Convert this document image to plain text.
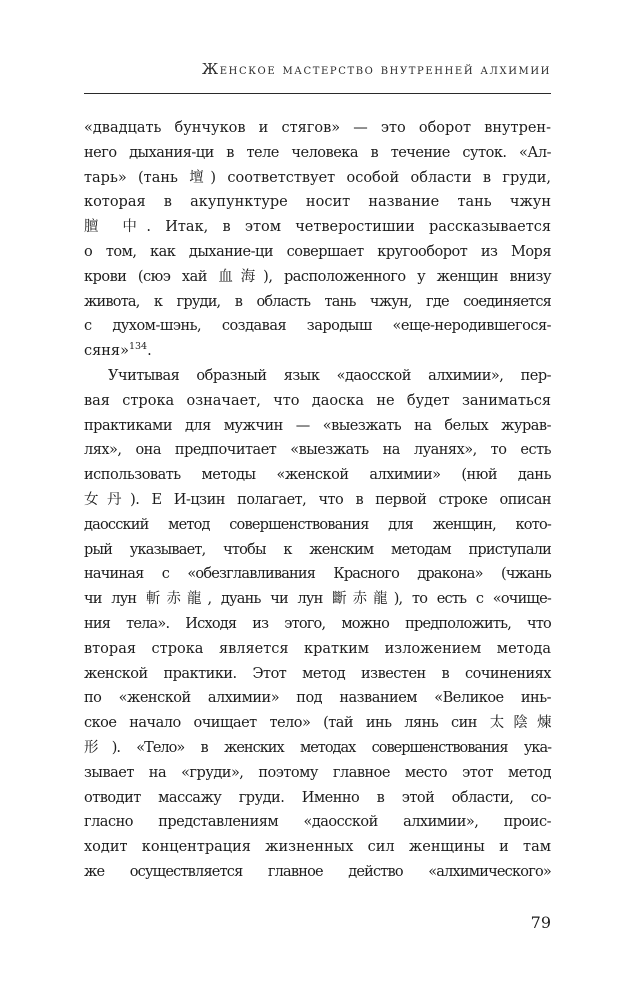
Женское мастерство внутренней алхимии
«двадцать бунчуков и стягов» — это оборот внутрен-
него дыхания-ци в теле человека в течение суток. «Ал-
тарь» (тань 壇) соответствует особой области в груди,
которая в акупунктуре носит название тань чжун
膻 中. Итак, в этом четверостишии рассказывается
о том, как дыхание-ци совершает кругооборот из Моря
крови (сюэ хай 血海), расположенного у женщин внизу
живота, к груди, в область тань чжун, где соединяется
с духом-шэнь, создавая зародыш «еще-неродившегося-
сяня»$^{134}$.
Учитывая образный язык «даосской алхимии», пер-
вая строка означает, что даоска не будет заниматься
практиками для мужчин — «выезжать на белых журав-
лях», она предпочитает «выезжать на луанях», то есть
использовать методы «женской алхимии» (нюй дань
女丹). Е И-цзин полагает, что в первой строке описан
даосский метод совершенствования для женщин, кото-
рый указывает, чтобы к женским методам приступали
начиная с «обезглавливания Красного дракона» (чжань
чи лун 斬赤龍, дуань чи лун 斷赤龍), то есть с «очище-
ния тела». Исходя из этого, можно предположить, что
вторая строка является кратким изложением метода
женской практики. Этот метод известен в сочинениях
по «женской алхимии» под названием «Великое инь-
ское начало очищает тело» (тай инь лянь син 太陰煉
形). «Тело» в женских методах совершенствования ука-
зывает на «груди», поэтому главное место этот метод
отводит массажу груди. Именно в этой области, со-
гласно представлениям «даосской алхимии», проис-
ходит концентрация жизненных сил женщины и там
же осуществляется главное действо «алхимического»
79
